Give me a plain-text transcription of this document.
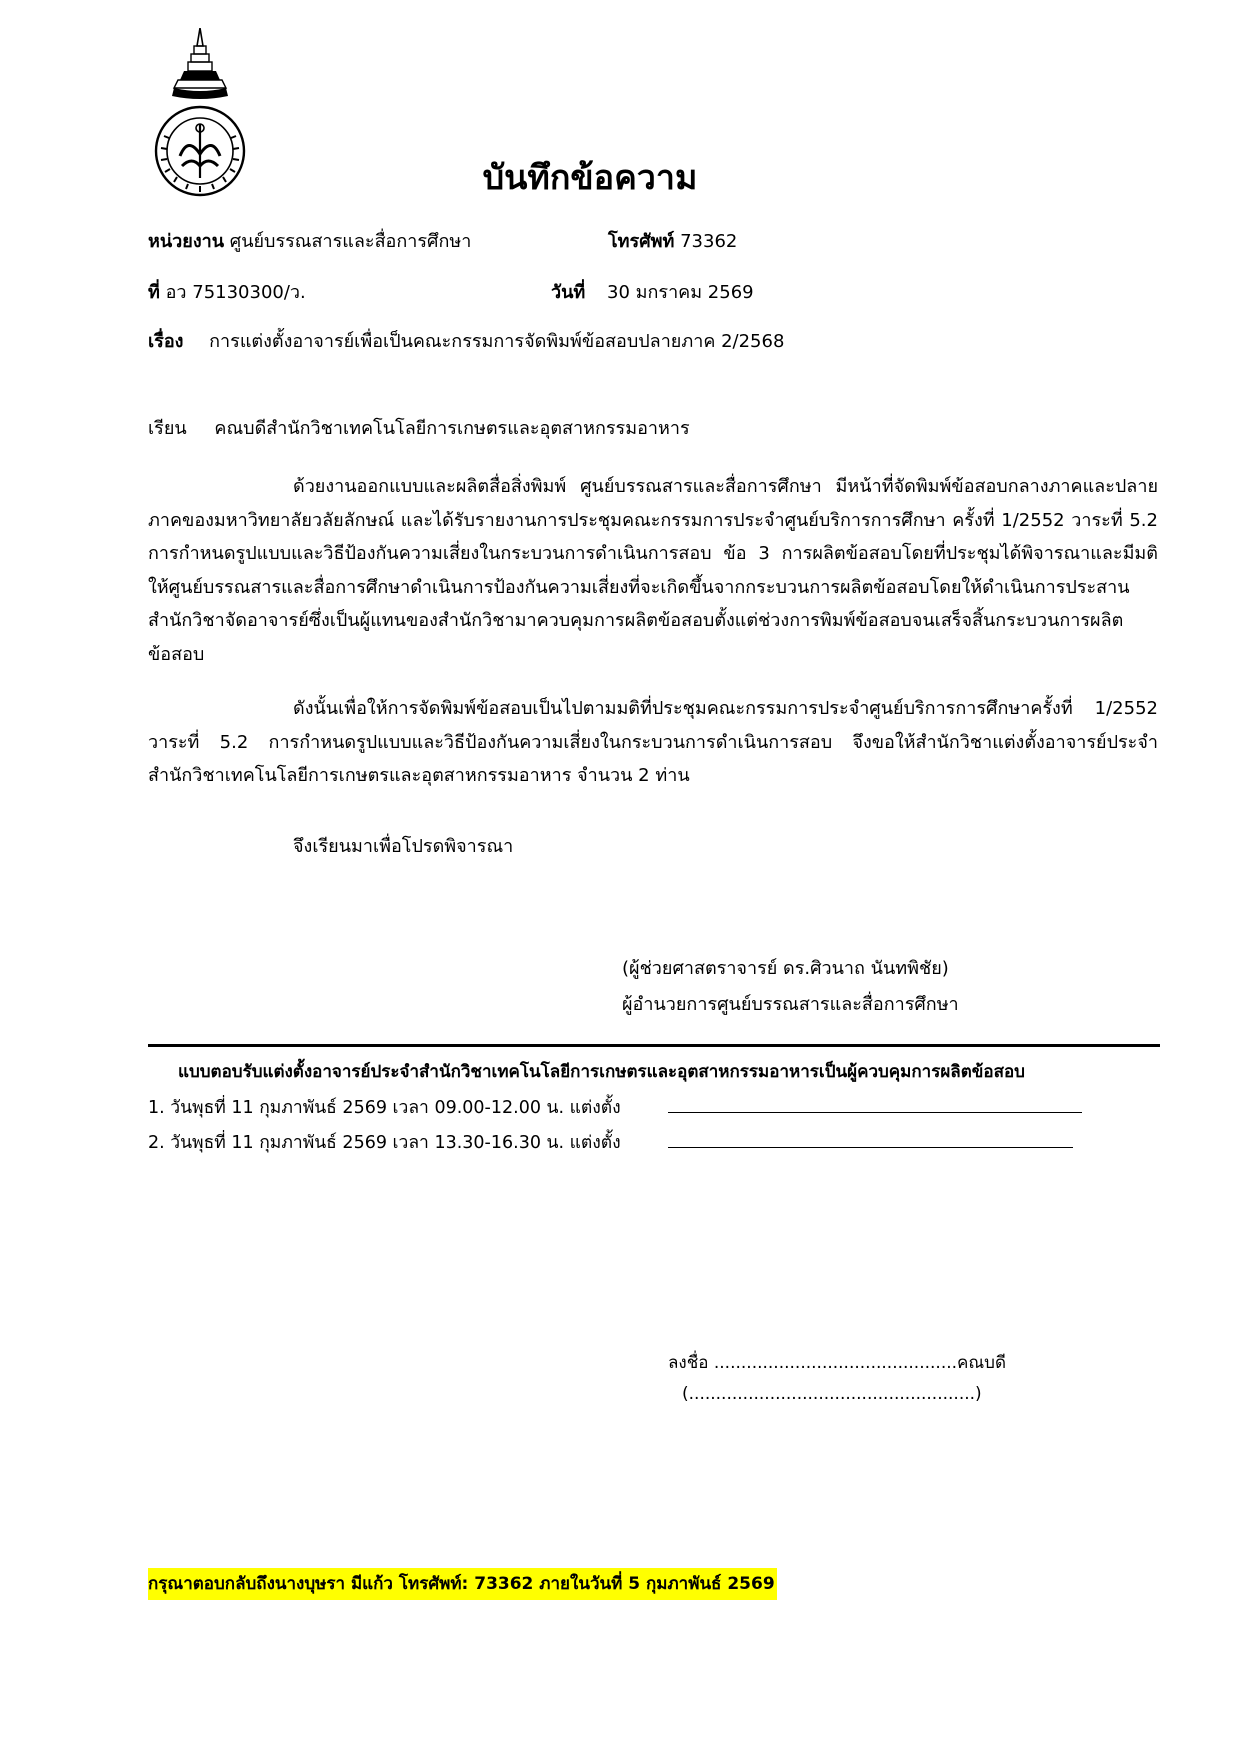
บันทึกข้อความ
หน่วยงาน ศูนย์บรรณสารและสื่อการศึกษา	โทรศัพท์ 73362
ที่ อว 75130300/ว.	วันที่ 30 มกราคม 2569
เรื่อง การแต่งตั้งอาจารย์เพื่อเป็นคณะกรรมการจัดพิมพ์ข้อสอบปลายภาค 2/2568
เรียน คณบดีสำนักวิชาเทคโนโลยีการเกษตรและอุตสาหกรรมอาหาร
ด้วยงานออกแบบและผลิตสื่อสิ่งพิมพ์ ศูนย์บรรณสารและสื่อการศึกษา มีหน้าที่จัดพิมพ์ข้อสอบกลางภาคและปลายภาคของมหาวิทยาลัยวลัยลักษณ์ และได้รับรายงานการประชุมคณะกรรมการประจำศูนย์บริการการศึกษา ครั้งที่ 1/2552 วาระที่ 5.2 การกำหนดรูปแบบและวิธีป้องกันความเสี่ยงในกระบวนการดำเนินการสอบ ข้อ 3 การผลิตข้อสอบโดยที่ประชุมได้พิจารณาและมีมติให้ศูนย์บรรณสารและสื่อการศึกษาดำเนินการป้องกันความเสี่ยงที่จะเกิดขึ้นจากกระบวนการผลิตข้อสอบโดยให้ดำเนินการประสานสำนักวิชาจัดอาจารย์ซึ่งเป็นผู้แทนของสำนักวิชามาควบคุมการผลิตข้อสอบตั้งแต่ช่วงการพิมพ์ข้อสอบจนเสร็จสิ้นกระบวนการผลิตข้อสอบ
ดังนั้นเพื่อให้การจัดพิมพ์ข้อสอบเป็นไปตามมติที่ประชุมคณะกรรมการประจำศูนย์บริการการศึกษาครั้งที่ 1/2552 วาระที่ 5.2 การกำหนดรูปแบบและวิธีป้องกันความเสี่ยงในกระบวนการดำเนินการสอบ จึงขอให้สำนักวิชาแต่งตั้งอาจารย์ประจำสำนักวิชาเทคโนโลยีการเกษตรและอุตสาหกรรมอาหาร จำนวน 2 ท่าน
จึงเรียนมาเพื่อโปรดพิจารณา
(ผู้ช่วยศาสตราจารย์ ดร.ศิวนาถ นันทพิชัย)
ผู้อำนวยการศูนย์บรรณสารและสื่อการศึกษา
แบบตอบรับแต่งตั้งอาจารย์ประจำสำนักวิชาเทคโนโลยีการเกษตรและอุตสาหกรรมอาหารเป็นผู้ควบคุมการผลิตข้อสอบ
1. วันพุธที่ 11 กุมภาพันธ์ 2569 เวลา 09.00-12.00 น. แต่งตั้ง
2. วันพุธที่ 11 กุมภาพันธ์ 2569 เวลา 13.30-16.30 น. แต่งตั้ง
ลงชื่อ .............................................คณบดี
(.....................................................)
กรุณาตอบกลับถึงนางบุษรา มีแก้ว โทรศัพท์: 73362 ภายในวันที่ 5 กุมภาพันธ์ 2569
